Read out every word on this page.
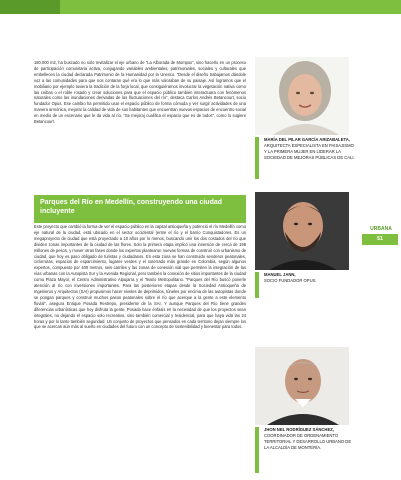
180.000 m2, ha buscado no solo revitalizar el eje urbano de “La Alborada de Mompox”, sino hacerlo en un proceso de participación comunitaria activa, conjugando variables ambientales, patrimoniales, sociales y culturales que embellecen la ciudad declarada Patrimonio de la Humanidad por la Unesco. “Desde el diseño trabajamos dándole voz a las comunidades para que nos contaran qué era lo que más valoraban de su paisaje. Así logramos que el mobiliario por ejemplo tuviera la tradición de la forja local, que consiguiéramos involucrar la vegetación nativa como las ceibas o el roble rosado y crear soluciones para que el espacio público también interactuara con fenómenos naturales como las inundaciones derivadas de las fluctuaciones del río”, destaca Carlos Andrés Betancourt, socio fundador Opus. Ese cambio ha permitido usar el espacio público de forma cómoda y ver surgir actividades de una manera armónica, mejorar la calidad de vida de sus habitantes que encuentran nuevos espacios de encuentro social en medio de un escenario que le da vida al río. “Se mejoraj cualifica el espacio que es de todos”, como lo sugiere Betancourt.

Parques del Río en Medellín, construyendo una ciudad incluyente

Este proyecto que cambió la forma de ver el espacio público en la capital antioqueña y potenció el río Medellín como eje natural de la ciudad, está ubicado en el sector occidental (entre el río y el barrio Conquistadores. Es un megaproyecto de ciudad que está proyectado a 10 años por lo menos, buscando unir los dos costados del río que dividen zonas importantes de la ciudad de las flores. Solo la primera etapa implicó una inversión de cerca de 198 millones de pesos, y mover otras fases donde los expertos plantearon nuevas formas de construir con urbanismo de ciudad, que hoy es paso obligado de turistas y ciudadanos. En esta zona se han construido senderos peatonales, ciclorrutas, espacios de esparcimiento, lugares verdes y el soterrado más grande en Colombia, según algunos expertos, compuesto por 400 metros, seis carriles y las zonas de conexión vial que permiten la integración de las vías urbanas con la Autopista Sur y la Avenida Regional, pero también la conexión de sitios importantes de la ciudad como Plaza Mayor, el Centro Administrativo Alpujarra y el Teatro Metropolitano. “Parques del Río buscó ponerle atención al río con inversiones importantes. Para las posteriores etapas desde la Sociedad Antioqueña de Ingenieros y Arquitectos (SAI) propusimos hacer niveles de deprimidos, túneles por encima de las autopistas donde se pongan parques y construir muchos pasos peatonales sobre el río que acerque a la gente a este elemento fluvial”, asegura Enrique Posada Restrepo, presidente de la SAI. Y aunque Parques del Río tiene grandes diferencias urbanísticas que hoy disfruta la gente, Posada hace énfasis en la necesidad de que los proyectos sean integrales, no dejando el espacio solo recreativo, sino también comercial y residencial, para que haya vida las 24 horas y por lo tanto también seguridad. Un conjunto de proyectos que pensados en cada territorio dejan siempre los que se acercan aún más al sueño en ciudades del futuro con un concepto de sostenibilidad y bienestar para todos.

MARÍA DEL PILAR GARCÍA ARIZABALETA, ARQUITECTA ESPECIALISTA EN PAISAJISMO Y LA PRIMERA MUJER EN LIDERAR LA SOCIEDAD DE MEJORAS PÚBLICAS DE CALI.
MANUEL JANN,
SOCIO FUNDADOR OPUS.
JHON NEL RODRÍGUEZ SÁNCHEZ,
COORDINADOR DE ORDENAMIENTO TERRITORIAL Y DESARROLLO URBANO DE LA ALCALDÍA DE MONTERÍA.
URBANA
51
